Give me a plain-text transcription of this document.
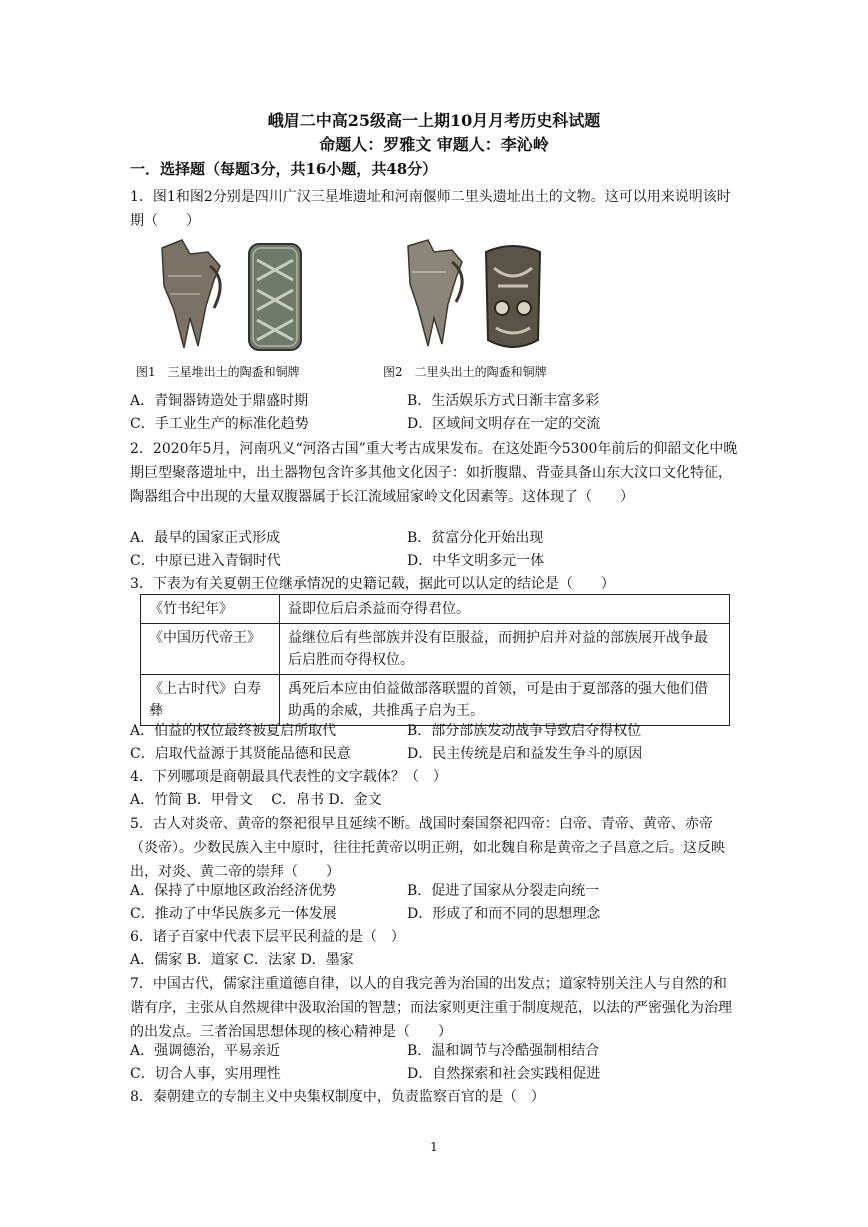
峨眉二中高25级高一上期10月月考历史科试题
命题人：罗雅文 审题人：李沁岭
一．选择题（每题3分，共16小题，共48分）
1．图1和图2分别是四川广汉三星堆遗址和河南偃师二里头遗址出土的文物。这可以用来说明该时期（　　）
图1　三星堆出土的陶盉和铜牌	图2　二里头出土的陶盉和铜牌
A．青铜器铸造处于鼎盛时期	B．生活娱乐方式日渐丰富多彩
C．手工业生产的标准化趋势	D．区域间文明存在一定的交流
2．2020年5月，河南巩义“河洛古国”重大考古成果发布。在这处距今5300年前后的仰韶文化中晚期巨型聚落遗址中，出土器物包含许多其他文化因子：如折腹鼎、背壶具备山东大汶口文化特征，陶器组合中出现的大量双腹器属于长江流域屈家岭文化因素等。这体现了（　　）
A．最早的国家正式形成	B．贫富分化开始出现
C．中原已进入青铜时代	D．中华文明多元一体
3．下表为有关夏朝王位继承情况的史籍记载，据此可以认定的结论是（　　）
《竹书纪年》	益即位后启杀益而夺得君位。
《中国历代帝王》	益继位后有些部族并没有臣服益，而拥护启并对益的部族展开战争最后启胜而夺得权位。
《上古时代》白寿彝	禹死后本应由伯益做部落联盟的首领，可是由于夏部落的强大他们借助禹的余威，共推禹子启为王。
A．伯益的权位最终被夏启所取代	B．部分部族发动战争导致启夺得权位
C．启取代益源于其贤能品德和民意	D．民主传统是启和益发生争斗的原因
4．下列哪项是商朝最具代表性的文字载体？（　）
A．竹简 B．甲骨文　 C．帛书 D．金文
5．古人对炎帝、黄帝的祭祀很早且延续不断。战国时秦国祭祀四帝：白帝、青帝、黄帝、赤帝（炎帝）。少数民族入主中原时，往往托黄帝以明正朔，如北魏自称是黄帝之子昌意之后。这反映出，对炎、黄二帝的崇拜（　　）
A．保持了中原地区政治经济优势	B．促进了国家从分裂走向统一
C．推动了中华民族多元一体发展	D．形成了和而不同的思想理念
6．诸子百家中代表下层平民利益的是（　）
A．儒家 B．道家 C．法家 D．墨家
7．中国古代，儒家注重道德自律，以人的自我完善为治国的出发点；道家特别关注人与自然的和谐有序，主张从自然规律中汲取治国的智慧；而法家则更注重于制度规范，以法的严密强化为治理的出发点。三者治国思想体现的核心精神是（　　）
A．强调德治，平易亲近	B．温和调节与冷酷强制相结合
C．切合人事，实用理性	D．自然探索和社会实践相促进
8．秦朝建立的专制主义中央集权制度中，负责监察百官的是（　）
1
